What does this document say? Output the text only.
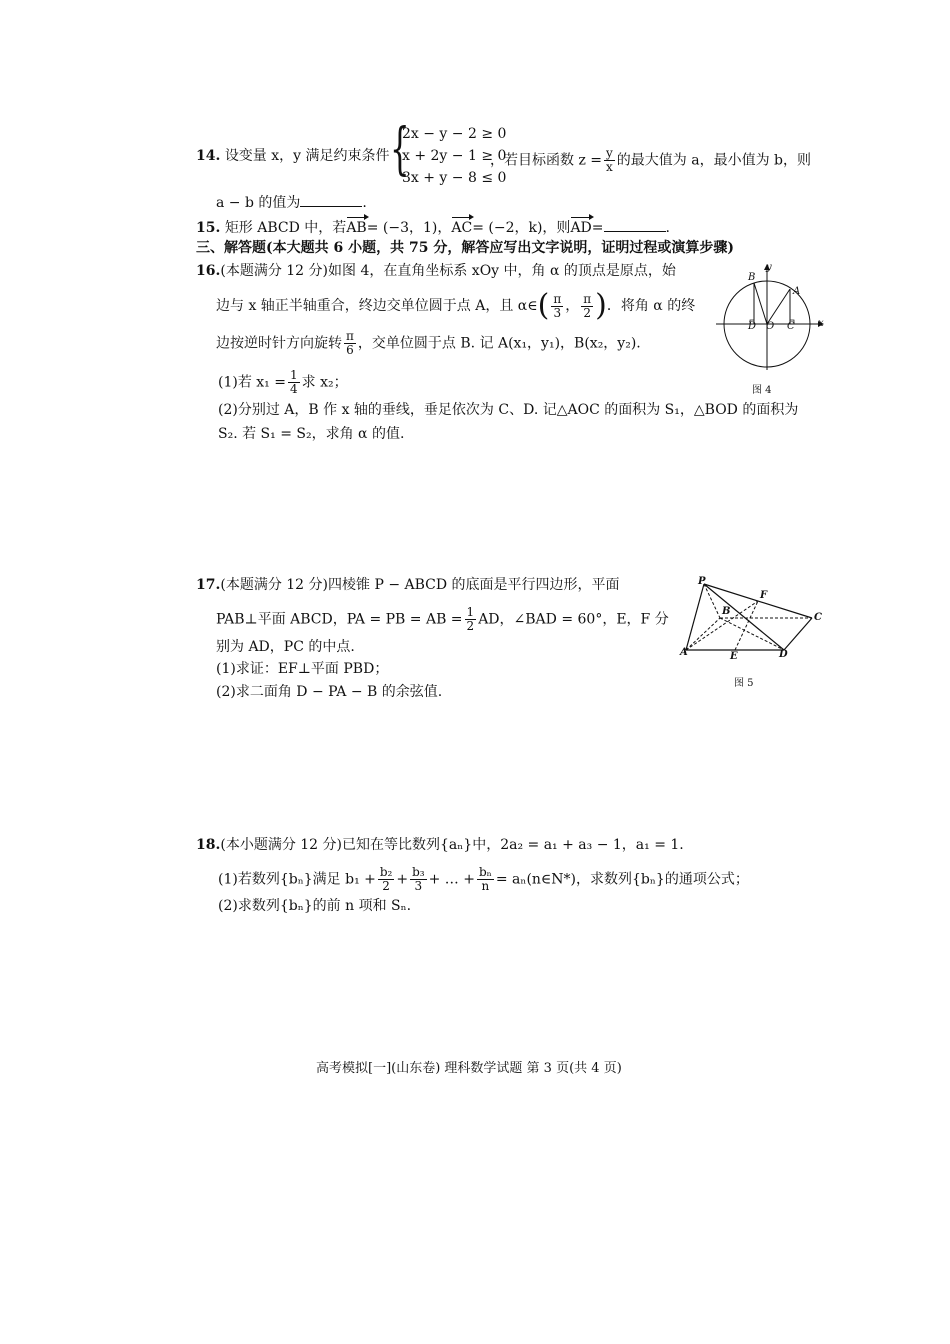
14. 设变量 x，y 满足约束条件 {
2x − y − 2 ≥ 0
x + 2y − 1 ≥ 0
3x + y − 8 ≤ 0
，若目标函数 $z = \frac{y}{x}$ 的最大值为 a，最小值为 b，则
a − b 的值为	.
15. 矩形 ABCD 中，若AB= (−3，1)，AC= (−2，k)，则AD=	.
三、解答题(本大题共 6 小题，共 75 分，解答应写出文字说明，证明过程或演算步骤)
16.(本题满分 12 分)如图 4，在直角坐标系 xOy 中，角 α 的顶点是原点，始
边与 x 轴正半轴重合，终边交单位圆于点 A，且 α∈( $\frac{\pi}{3}$ ， $\frac{\pi}{2}$ )．将角 α 的终
边按逆时针方向旋转 $\frac{\pi}{6}$ ，交单位圆于点 B. 记 A(x₁，y₁)，B(x₂，y₂).
(1)若 $x_1 = \frac{1}{4}$ 求 x₂；
(2)分别过 A，B 作 x 轴的垂线，垂足依次为 C、D. 记△AOC 的面积为 S₁，△BOD 的面积为
S₂. 若 S₁ = S₂，求角 α 的值.
y
x
B
A
D O C
图 4
17.(本题满分 12 分)四棱锥 P − ABCD 的底面是平行四边形，平面
PAB⊥平面 ABCD，PA = PB = AB = $\frac{1}{2}$ AD，∠BAD = 60°，E，F 分
别为 AD，PC 的中点.
(1)求证：EF⊥平面 PBD；
(2)求二面角 D − PA − B 的余弦值.
P
F
B
C
A	E	D
图 5
18.(本小题满分 12 分)已知在等比数列{aₙ}中，2a₂ = a₁ + a₃ − 1，a₁ = 1.
(1)若数列{bₙ}满足 $b_1 + \frac{\text{b₂}}{2} + \frac{\text{b₃}}{3}$ + … + $\frac{\text{bₙ}}{n}$ = aₙ(n∈N*)，求数列{bₙ}的通项公式；
(2)求数列{bₙ}的前 n 项和 Sₙ.
高考模拟[一](山东卷) 理科数学试题 第 3 页(共 4 页)
